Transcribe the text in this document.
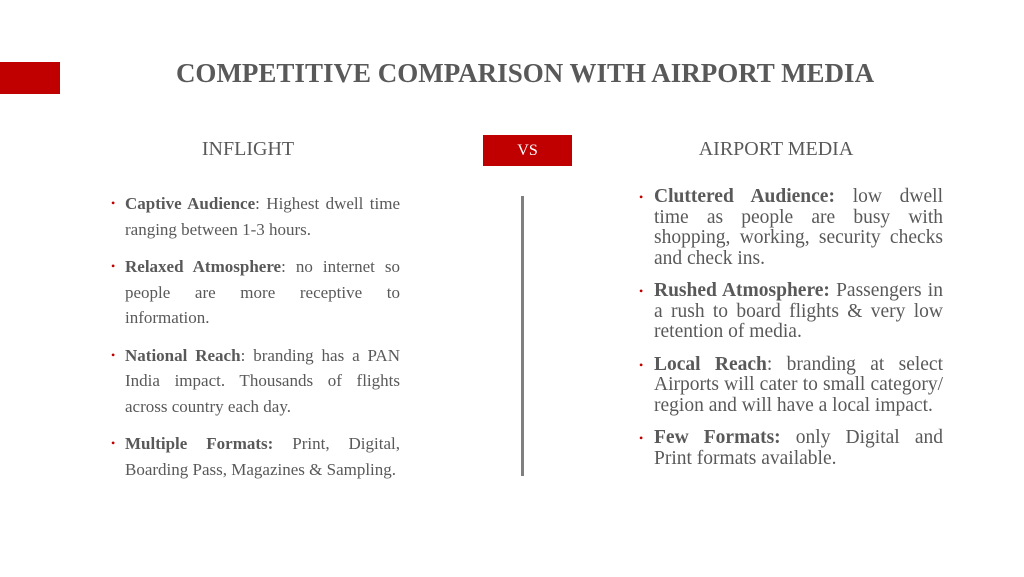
COMPETITIVE COMPARISON WITH AIRPORT MEDIA
INFLIGHT	VS	AIRPORT MEDIA
• Captive Audience: Highest dwell time ranging between 1-3 hours.
• Relaxed Atmosphere: no internet so people are more receptive to information.
• National Reach: branding has a PAN India impact. Thousands of flights across country each day.
• Multiple Formats: Print, Digital, Boarding Pass, Magazines & Sampling.
• Cluttered Audience: low dwell time as people are busy with shopping, working, security checks and check ins.
• Rushed Atmosphere: Passengers in a rush to board flights & very low retention of media.
• Local Reach: branding at select Airports will cater to small category/ region and will have a local impact.
• Few Formats: only Digital and Print formats available.
